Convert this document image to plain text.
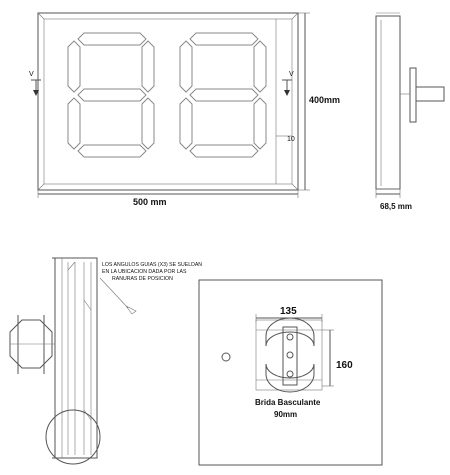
10
V	V
400mm
500 mm	68,5 mm
LOS ANGULOS GUIAS (X3) SE SUELDAN
EN LA UBICACION DADA POR LAS
RANURAS DE POSICION
135
160
Brida Basculante
90mm
